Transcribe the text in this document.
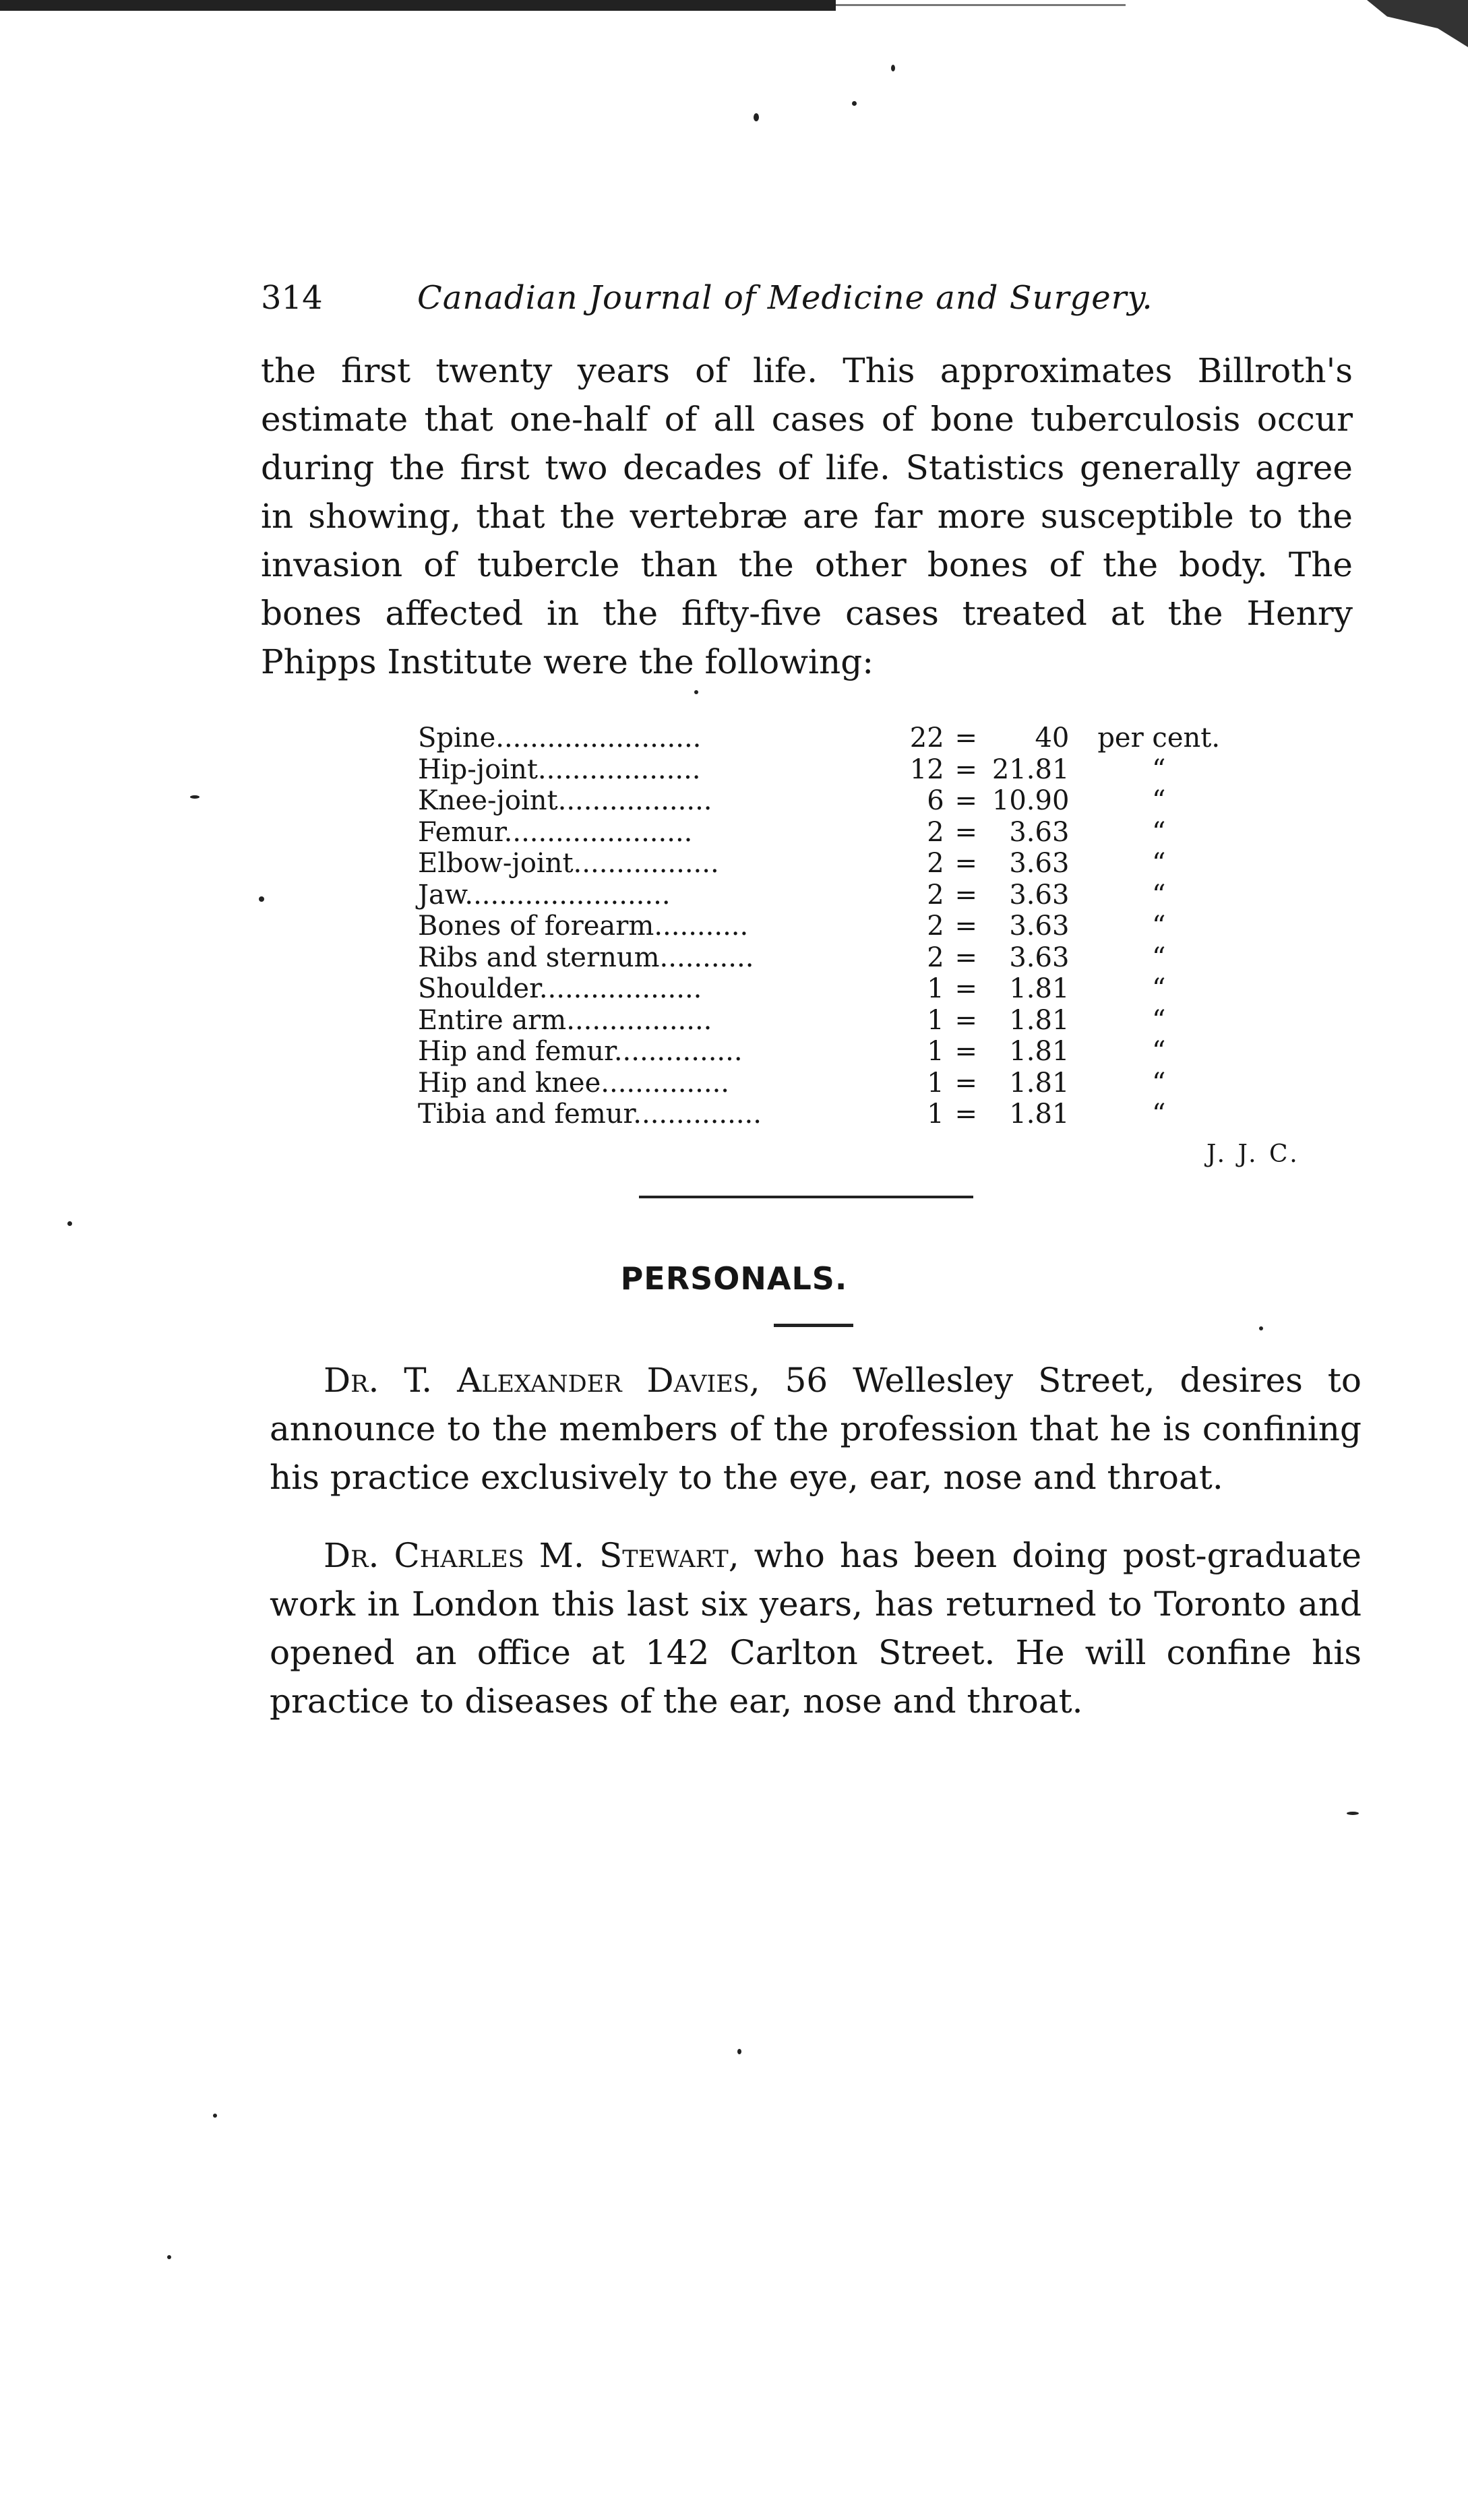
314	Canadian Journal of Medicine and Surgery.
the first twenty years of life. This approximates Billroth's estimate that one-half of all cases of bone tuberculosis occur during the first two decades of life. Statistics generally agree in showing, that the vertebræ are far more susceptible to the invasion of tubercle than the other bones of the body. The bones affected in the fifty-five cases treated at the Henry Phipps Institute were the following:
Spine........................	22	=	40	per cent.
Hip-joint...................	12	=	21.81	“
Knee-joint..................	6	=	10.90	“
Femur......................	2	=	3.63	“
Elbow-joint.................	2	=	3.63	“
Jaw........................	2	=	3.63	“
Bones of forearm...........	2	=	3.63	“
Ribs and sternum...........	2	=	3.63	“
Shoulder...................	1	=	1.81	“
Entire arm.................	1	=	1.81	“
Hip and femur...............	1	=	1.81	“
Hip and knee...............	1	=	1.81	“
Tibia and femur...............	1	=	1.81	“
J. J. C.
PERSONALS.
Dr. T. Alexander Davies, 56 Wellesley Street, desires to announce to the members of the profession that he is confining his practice exclusively to the eye, ear, nose and throat.
Dr. Charles M. Stewart, who has been doing post-graduate work in London this last six years, has returned to Toronto and opened an office at 142 Carlton Street. He will confine his practice to diseases of the ear, nose and throat.
